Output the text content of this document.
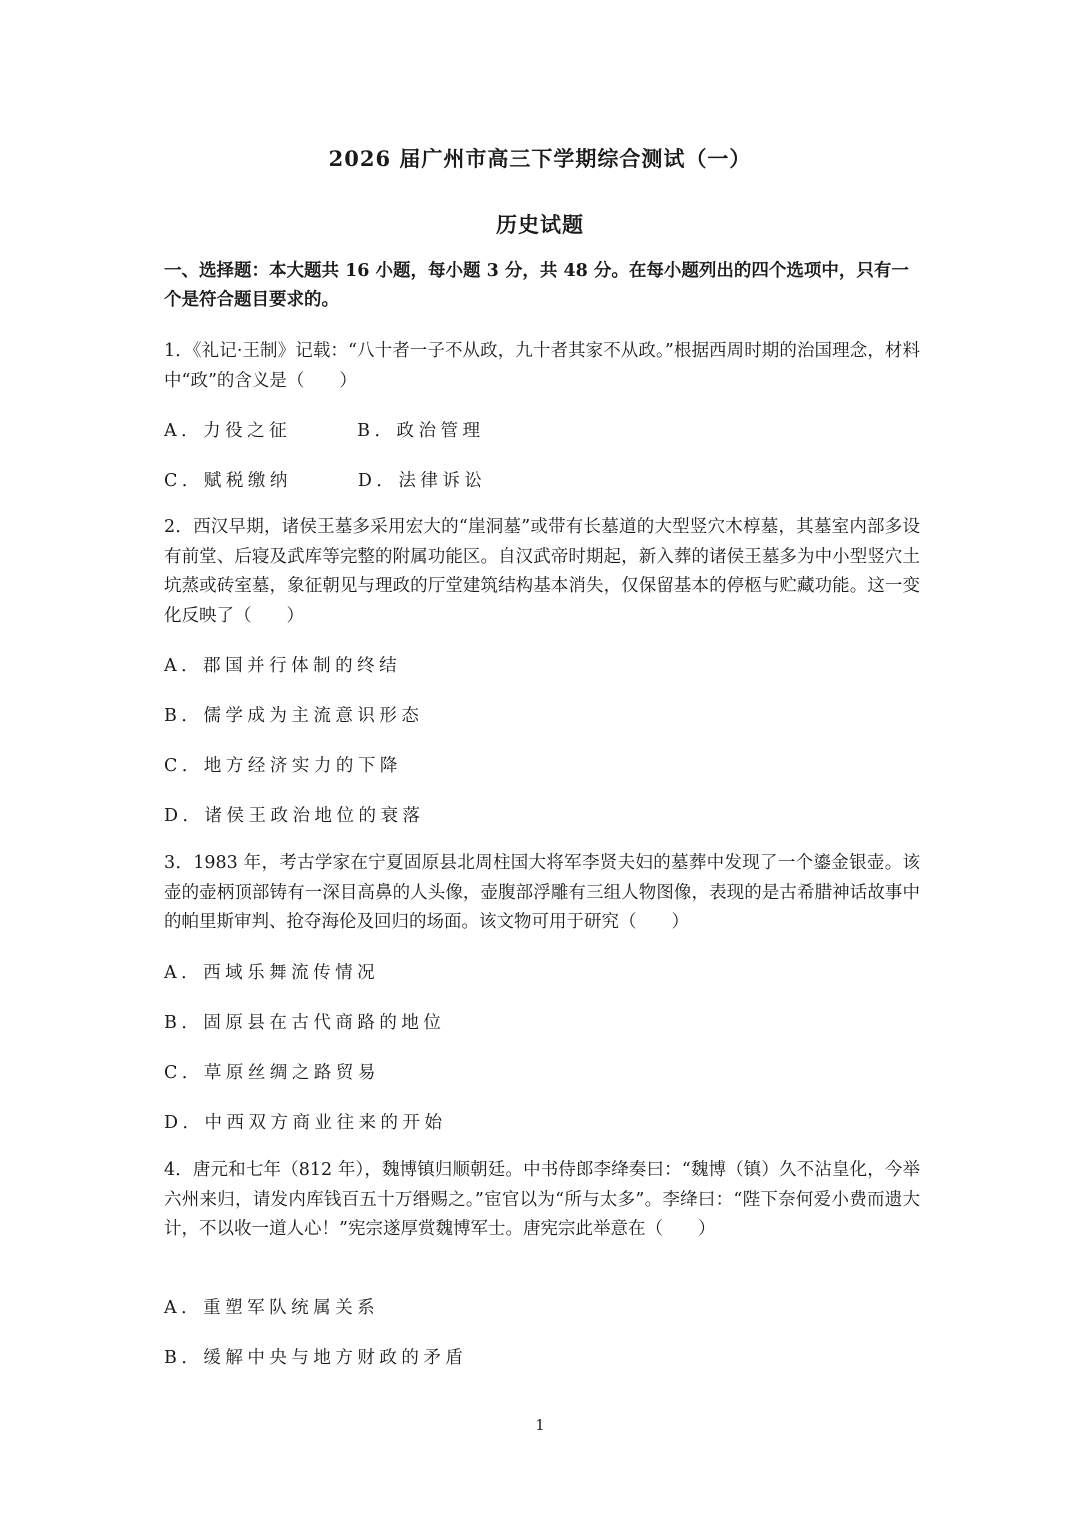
2026 届广州市高三下学期综合测试（一）
历史试题
一、选择题：本大题共 16 小题，每小题 3 分，共 48 分。在每小题列出的四个选项中，只有一个是符合题目要求的。
1．《礼记·王制》记载：“八十者一子不从政，九十者其家不从政。”根据西周时期的治国理念，材料中“政”的含义是（　　）
A．力役之征　　　B．政治管理
C．赋税缴纳　　　D．法律诉讼
2．西汉早期，诸侯王墓多采用宏大的“崖洞墓”或带有长墓道的大型竖穴木椁墓，其墓室内部多设有前堂、后寝及武库等完整的附属功能区。自汉武帝时期起，新入葬的诸侯王墓多为中小型竖穴土坑蒸或砖室墓，象征朝见与理政的厅堂建筑结构基本消失，仅保留基本的停柩与贮藏功能。这一变化反映了（　　）
A．郡国并行体制的终结
B．儒学成为主流意识形态
C．地方经济实力的下降
D．诸侯王政治地位的衰落
3．1983 年，考古学家在宁夏固原县北周柱国大将军李贤夫妇的墓葬中发现了一个鎏金银壶。该壶的壶柄顶部铸有一深目高鼻的人头像，壶腹部浮雕有三组人物图像，表现的是古希腊神话故事中的帕里斯审判、抢夺海伦及回归的场面。该文物可用于研究（　　）
A．西域乐舞流传情况
B．固原县在古代商路的地位
C．草原丝绸之路贸易
D．中西双方商业往来的开始
4．唐元和七年（812 年），魏博镇归顺朝廷。中书侍郎李绛奏曰：“魏博（镇）久不沾皇化，今举六州来归，请发内库钱百五十万缗赐之。”宦官以为“所与太多”。李绛曰：“陛下奈何爱小费而遗大计，不以收一道人心！”宪宗遂厚赏魏博军士。唐宪宗此举意在（　　）
A．重塑军队统属关系
B．缓解中央与地方财政的矛盾
1
